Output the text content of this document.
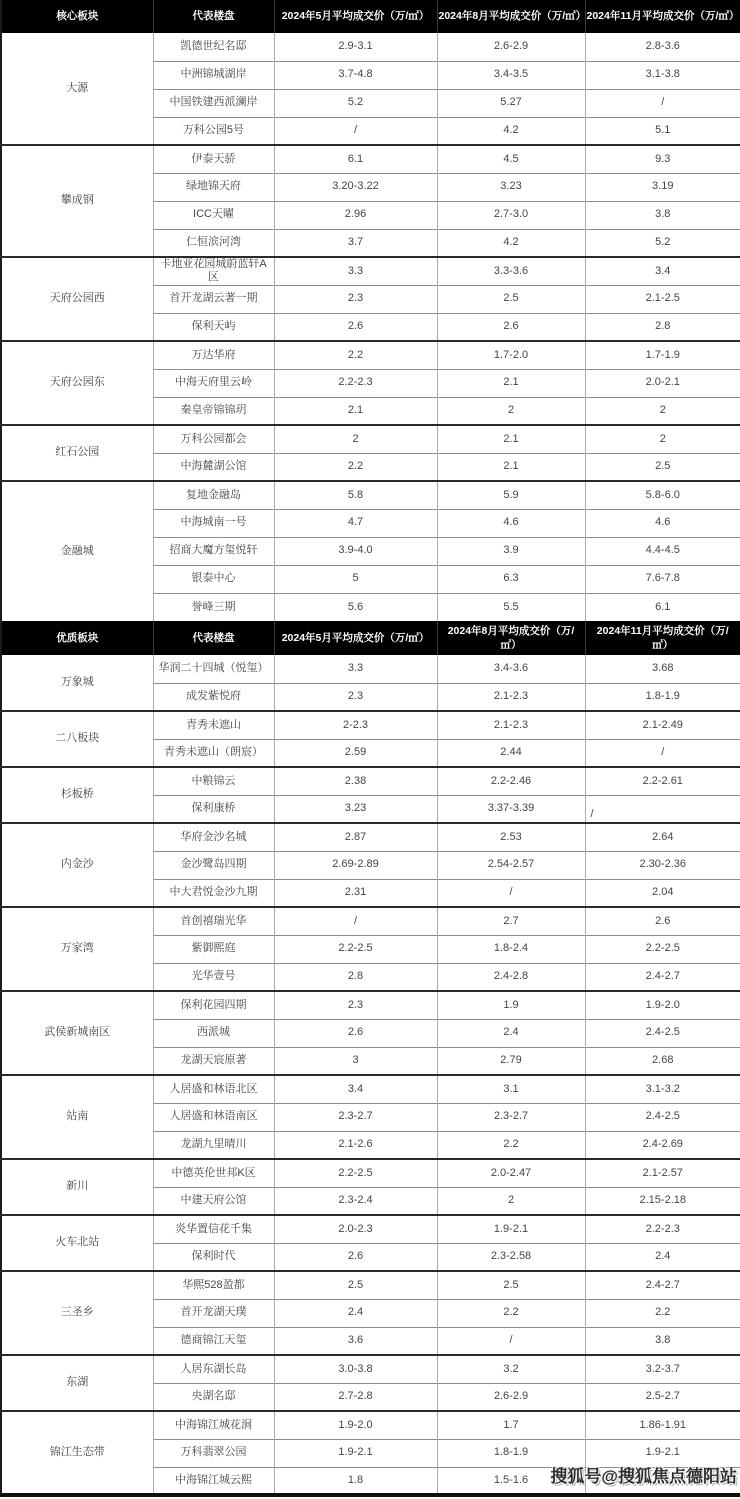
核心板块	代表楼盘	2024年5月平均成交价（万/㎡）	2024年8月平均成交价（万/㎡）	2024年11月平均成交价（万/㎡）
大源	凯德世纪名邸	2.9-3.1	2.6-2.9	2.8-3.6
	中洲锦城湖岸	3.7-4.8	3.4-3.5	3.1-3.8
	中国铁建西派澜岸	5.2	5.27	/
	万科公园5号	/	4.2	5.1
攀成钢	伊泰天骄	6.1	4.5	9.3
	绿地锦天府	3.20-3.22	3.23	3.19
	ICC天曜	2.96	2.7-3.0	3.8
	仁恒滨河湾	3.7	4.2	5.2
天府公园西	卡地亚花园城蔚蓝轩A区	3.3	3.3-3.6	3.4
	首开龙湖云著一期	2.3	2.5	2.1-2.5
	保利天屿	2.6	2.6	2.8
天府公园东	万达华府	2.2	1.7-2.0	1.7-1.9
	中海天府里云岭	2.2-2.3	2.1	2.0-2.1
	秦皇帝锦锦玥	2.1	2	2
红石公园	万科公园都会	2	2.1	2
	中海麓湖公馆	2.2	2.1	2.5
金融城	复地金融岛	5.8	5.9	5.8-6.0
	中海城南一号	4.7	4.6	4.6
	招商大魔方玺悦轩	3.9-4.0	3.9	4.4-4.5
	银泰中心	5	6.3	7.6-7.8
	誉峰三期	5.6	5.5	6.1
优质板块	代表楼盘	2024年5月平均成交价（万/㎡）	2024年8月平均成交价（万/㎡）	2024年11月平均成交价（万/㎡）
万象城	华润二十四城（悦玺）	3.3	3.4-3.6	3.68
	成发紫悦府	2.3	2.1-2.3	1.8-1.9
二八板块	青秀未遮山	2-2.3	2.1-2.3	2.1-2.49
	青秀未遮山（朗宸）	2.59	2.44	/
杉板桥	中粮锦云	2.38	2.2-2.46	2.2-2.61
	保利康桥	3.23	3.37-3.39	/
内金沙	华府金沙名城	2.87	2.53	2.64
	金沙鹭岛四期	2.69-2.89	2.54-2.57	2.30-2.36
	中大君悦金沙九期	2.31	/	2.04
万家湾	首创禧瑞光华	/	2.7	2.6
	紫御熙庭	2.2-2.5	1.8-2.4	2.2-2.5
	光华壹号	2.8	2.4-2.8	2.4-2.7
武侯新城南区	保利花园四期	2.3	1.9	1.9-2.0
	西派城	2.6	2.4	2.4-2.5
	龙湖天宸原著	3	2.79	2.68
站南	人居盛和林语北区	3.4	3.1	3.1-3.2
	人居盛和林语南区	2.3-2.7	2.3-2.7	2.4-2.5
	龙湖九里晴川	2.1-2.6	2.2	2.4-2.69
新川	中德英伦世邦K区	2.2-2.5	2.0-2.47	2.1-2.57
	中建天府公馆	2.3-2.4	2	2.15-2.18
火车北站	炎华置信花千集	2.0-2.3	1.9-2.1	2.2-2.3
	保利时代	2.6	2.3-2.58	2.4
三圣乡	华熙528盈都	2.5	2.5	2.4-2.7
	首开龙湖天璞	2.4	2.2	2.2
	德商锦江天玺	3.6	/	3.8
东湖	人居东湖长岛	3.0-3.8	3.2	3.2-3.7
	央湖名邸	2.7-2.8	2.6-2.9	2.5-2.7
锦江生态带	中海锦江城花涧	1.9-2.0	1.7	1.86-1.91
	万科翡翠公园	1.9-2.1	1.8-1.9	1.9-2.1
	中海锦江城云熙	1.8	1.5-1.6	搜狐号@搜狐焦点德阳站
